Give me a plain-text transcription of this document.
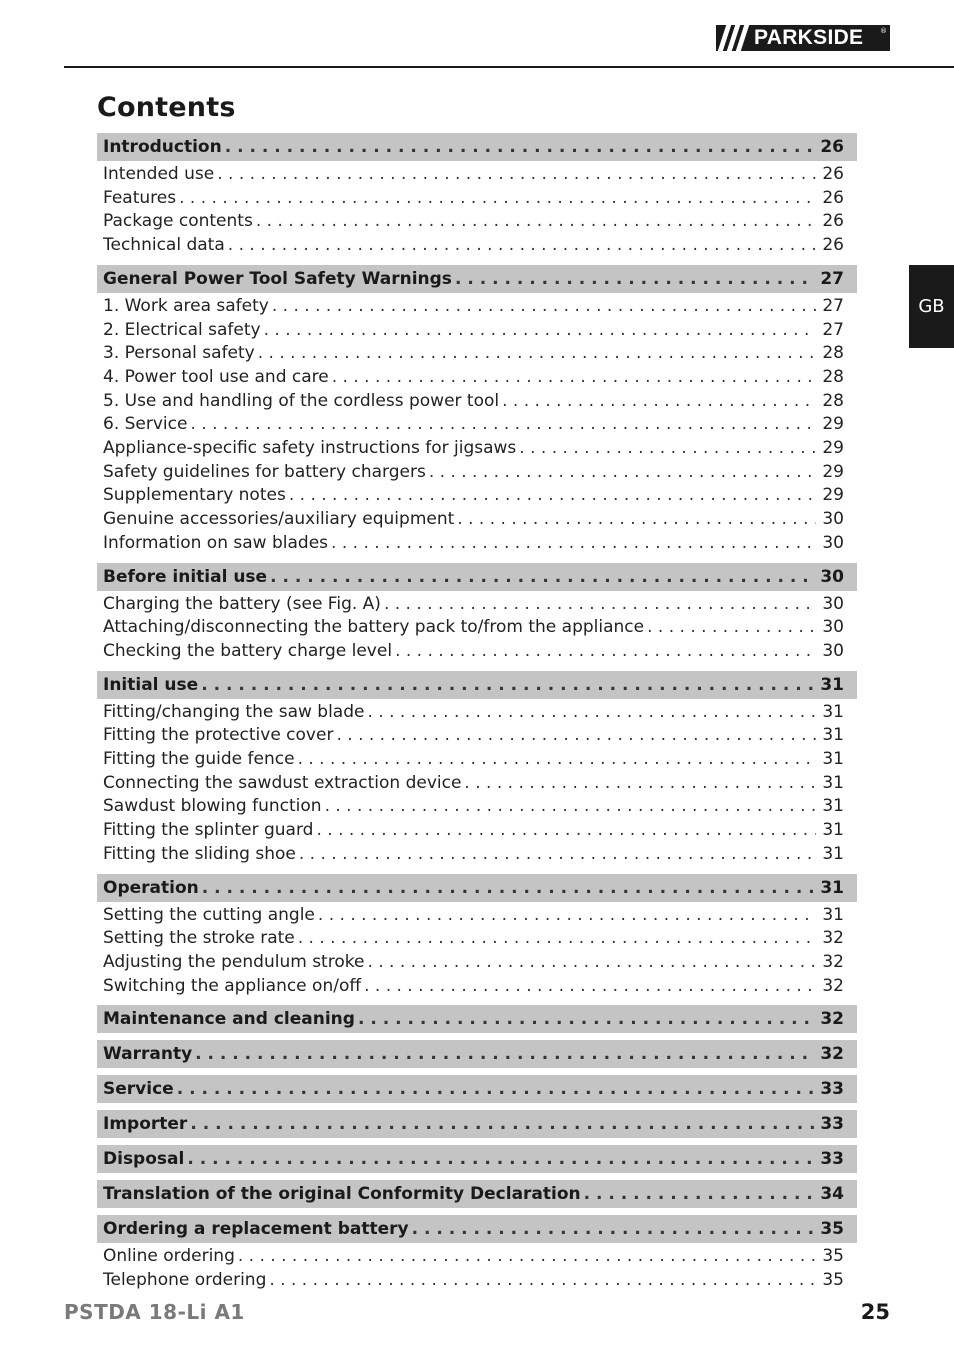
PARKSIDE ®
Contents
Introduction . . .	26
Intended use . . .	26
Features . . .	26
Package contents . . .	26
Technical data . . .	26
General Power Tool Safety Warnings . . .	27
1. Work area safety . . .	27
2. Electrical safety . . .	27
3. Personal safety . . .	28
4. Power tool use and care . . .	28
5. Use and handling of the cordless power tool . . .	28
6. Service . . .	29
Appliance-specific safety instructions for jigsaws . . .	29
Safety guidelines for battery chargers . . .	29
Supplementary notes . . .	29
Genuine accessories/auxiliary equipment . . .	30
Information on saw blades . . .	30
Before initial use . . .	30
Charging the battery (see Fig. A) . . .	30
Attaching/disconnecting the battery pack to/from the appliance . . .	30
Checking the battery charge level . . .	30
Initial use . . .	31
Fitting/changing the saw blade . . .	31
Fitting the protective cover . . .	31
Fitting the guide fence . . .	31
Connecting the sawdust extraction device . . .	31
Sawdust blowing function . . .	31
Fitting the splinter guard . . .	31
Fitting the sliding shoe . . .	31
Operation . . .	31
Setting the cutting angle . . .	31
Setting the stroke rate . . .	32
Adjusting the pendulum stroke . . .	32
Switching the appliance on/off . . .	32
Maintenance and cleaning . . .	32
Warranty . . .	32
Service . . .	33
Importer . . .	33
Disposal . . .	33
Translation of the original Conformity Declaration . . .	34
Ordering a replacement battery . . .	35
Online ordering . . .	35
Telephone ordering . . .	35
GB
PSTDA 18-Li A1	25
